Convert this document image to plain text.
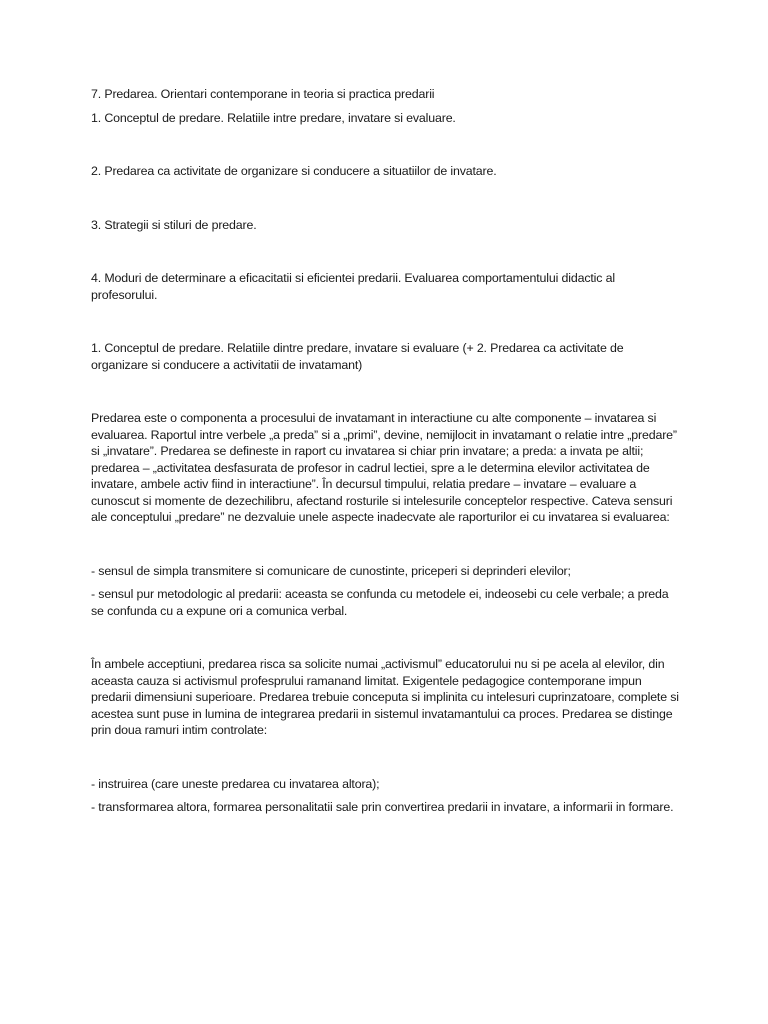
7. Predarea. Orientari contemporane in teoria si practica predarii

1. Conceptul de predare. Relatiile intre predare, invatare si evaluare.

2. Predarea ca activitate de organizare si conducere a situatiilor de invatare.

3. Strategii si stiluri de predare.

4. Moduri de determinare a eficacitatii si eficientei predarii. Evaluarea comportamentului didactic al profesorului.

1. Conceptul de predare. Relatiile dintre predare, invatare si evaluare (+ 2. Predarea ca activitate de organizare si conducere a activitatii de invatamant)

Predarea este o componenta a procesului de invatamant in interactiune cu alte componente – invatarea si evaluarea. Raportul intre verbele „a preda” si a „primi”, devine, nemijlocit in invatamant o relatie intre „predare” si „invatare”. Predarea se defineste in raport cu invatarea si chiar prin invatare; a preda: a invata pe altii; predarea – „activitatea desfasurata de profesor in cadrul lectiei, spre a le determina elevilor activitatea de invatare, ambele activ fiind in interactiune”. În decursul timpului, relatia predare – invatare – evaluare a cunoscut si momente de dezechilibru, afectand rosturile si intelesurile conceptelor respective. Cateva sensuri ale conceptului „predare” ne dezvaluie unele aspecte inadecvate ale raporturilor ei cu invatarea si evaluarea:

- sensul de simpla transmitere si comunicare de cunostinte, priceperi si deprinderi elevilor;

- sensul pur metodologic al predarii: aceasta se confunda cu metodele ei, indeosebi cu cele verbale; a preda se confunda cu a expune ori a comunica verbal.

În ambele acceptiuni, predarea risca sa solicite numai „activismul” educatorului nu si pe acela al elevilor, din aceasta cauza si activismul profesprului ramanand limitat. Exigentele pedagogice contemporane impun predarii dimensiuni superioare. Predarea trebuie conceputa si implinita cu intelesuri cuprinzatoare, complete si acestea sunt puse in lumina de integrarea predarii in sistemul invatamantului ca proces. Predarea se distinge prin doua ramuri intim controlate:

- instruirea (care uneste predarea cu invatarea altora);

- transformarea altora, formarea personalitatii sale prin convertirea predarii in invatare, a informarii in formare.
